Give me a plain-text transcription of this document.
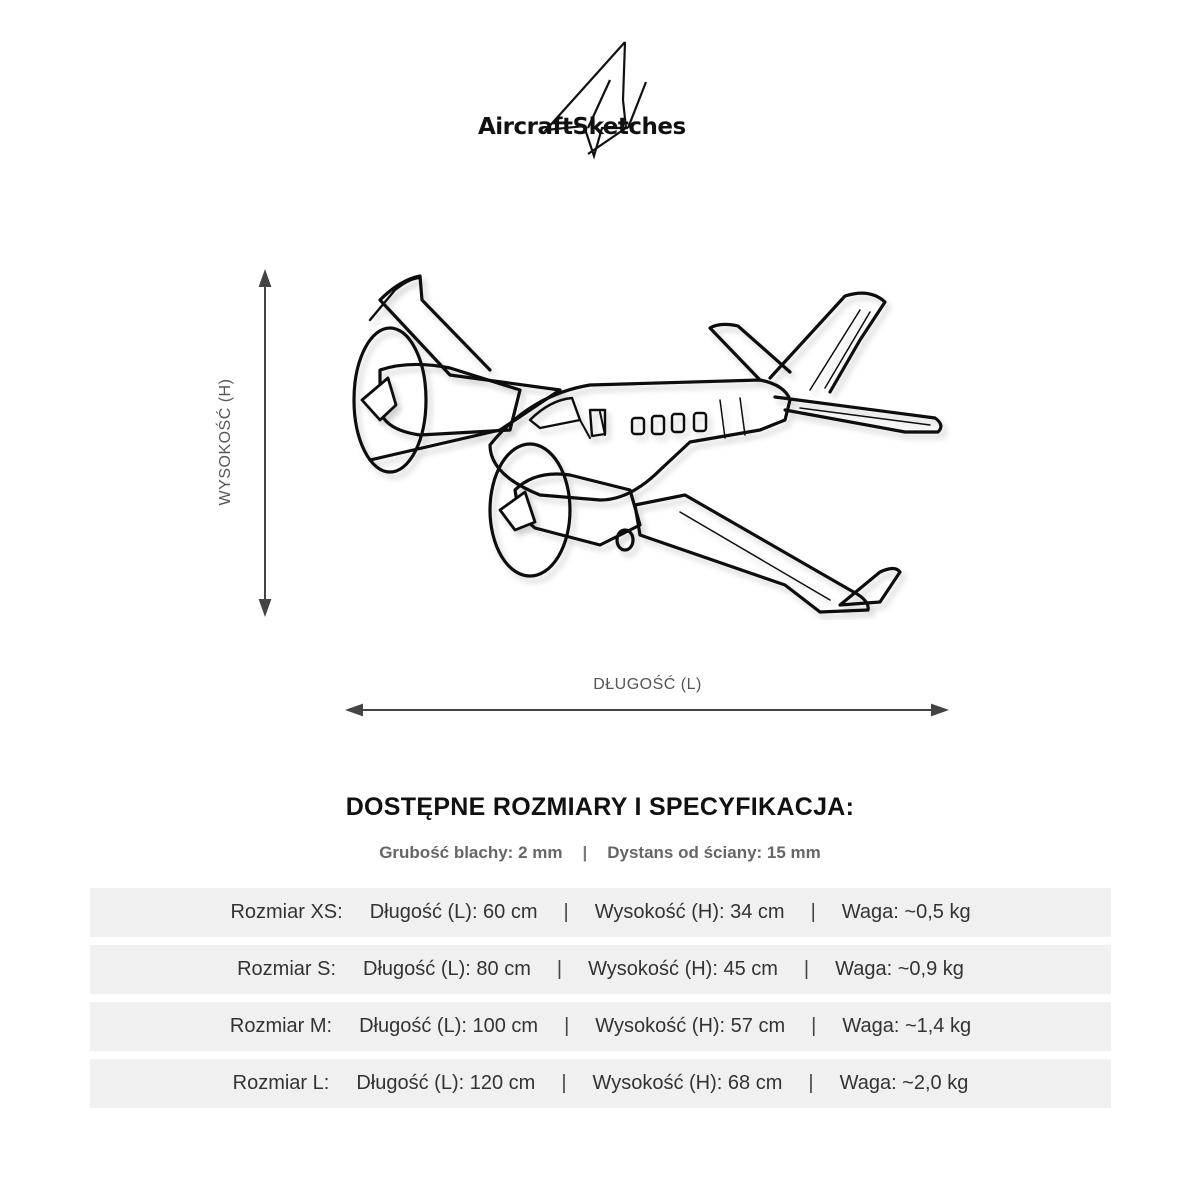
AircraftSketches
WYSOKOŚĆ (H)
DŁUGOŚĆ (L)
DOSTĘPNE ROZMIARY I SPECYFIKACJA:
Grubość blachy: 2 mm | Dystans od ściany: 15 mm
Rozmiar XS: Długość (L): 60 cm | Wysokość (H): 34 cm | Waga: ~0,5 kg
Rozmiar S: Długość (L): 80 cm | Wysokość (H): 45 cm | Waga: ~0,9 kg
Rozmiar M: Długość (L): 100 cm | Wysokość (H): 57 cm | Waga: ~1,4 kg
Rozmiar L: Długość (L): 120 cm | Wysokość (H): 68 cm | Waga: ~2,0 kg
